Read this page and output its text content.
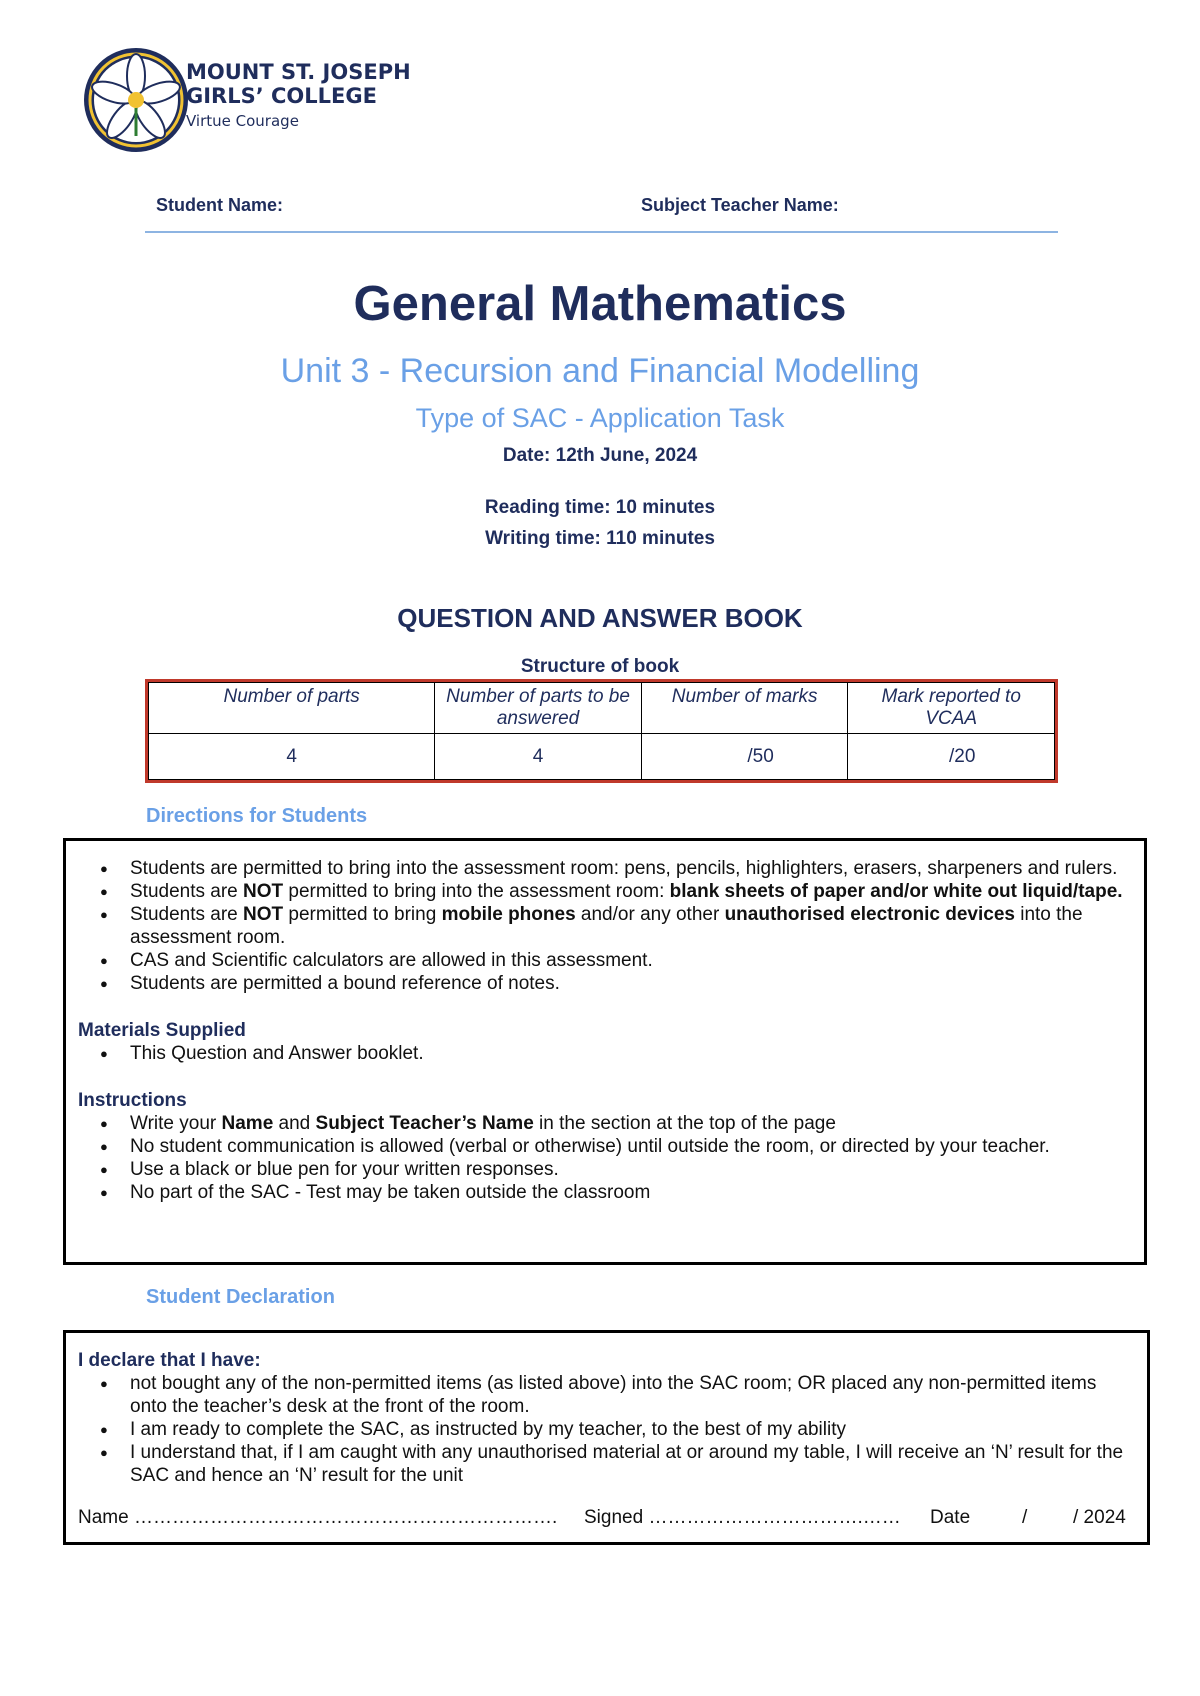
MOUNT ST. JOSEPH
GIRLS’ COLLEGE
Virtue Courage
Student Name:	Subject Teacher Name:
General Mathematics
Unit 3 - Recursion and Financial Modelling
Type of SAC - Application Task
Date: 12th June, 2024
Reading time: 10 minutes
Writing time: 110 minutes
QUESTION AND ANSWER BOOK
Structure of book
Number of parts	Number of parts to be answered	Number of marks	Mark reported to VCAA
4	4	/50	/20
Directions for Students
● Students are permitted to bring into the assessment room: pens, pencils, highlighters, erasers, sharpeners and rulers.
● Students are NOT permitted to bring into the assessment room: blank sheets of paper and/or white out liquid/tape.
● Students are NOT permitted to bring mobile phones and/or any other unauthorised electronic devices into the assessment room.
● CAS and Scientific calculators are allowed in this assessment.
● Students are permitted a bound reference of notes.
Materials Supplied
● This Question and Answer booklet.
Instructions
● Write your Name and Subject Teacher’s Name in the section at the top of the page
● No student communication is allowed (verbal or otherwise) until outside the room, or directed by your teacher.
● Use a black or blue pen for your written responses.
● No part of the SAC - Test may be taken outside the classroom
Student Declaration
I declare that I have:
● not bought any of the non-permitted items (as listed above) into the SAC room; OR placed any non-permitted items onto the teacher’s desk at the front of the room.
● I am ready to complete the SAC, as instructed by my teacher, to the best of my ability
● I understand that, if I am caught with any unauthorised material at or around my table, I will receive an ‘N’ result for the SAC and hence an ‘N’ result for the unit
Name …………………………………………………………. Signed …………………………….…… Date	/ / 2024
